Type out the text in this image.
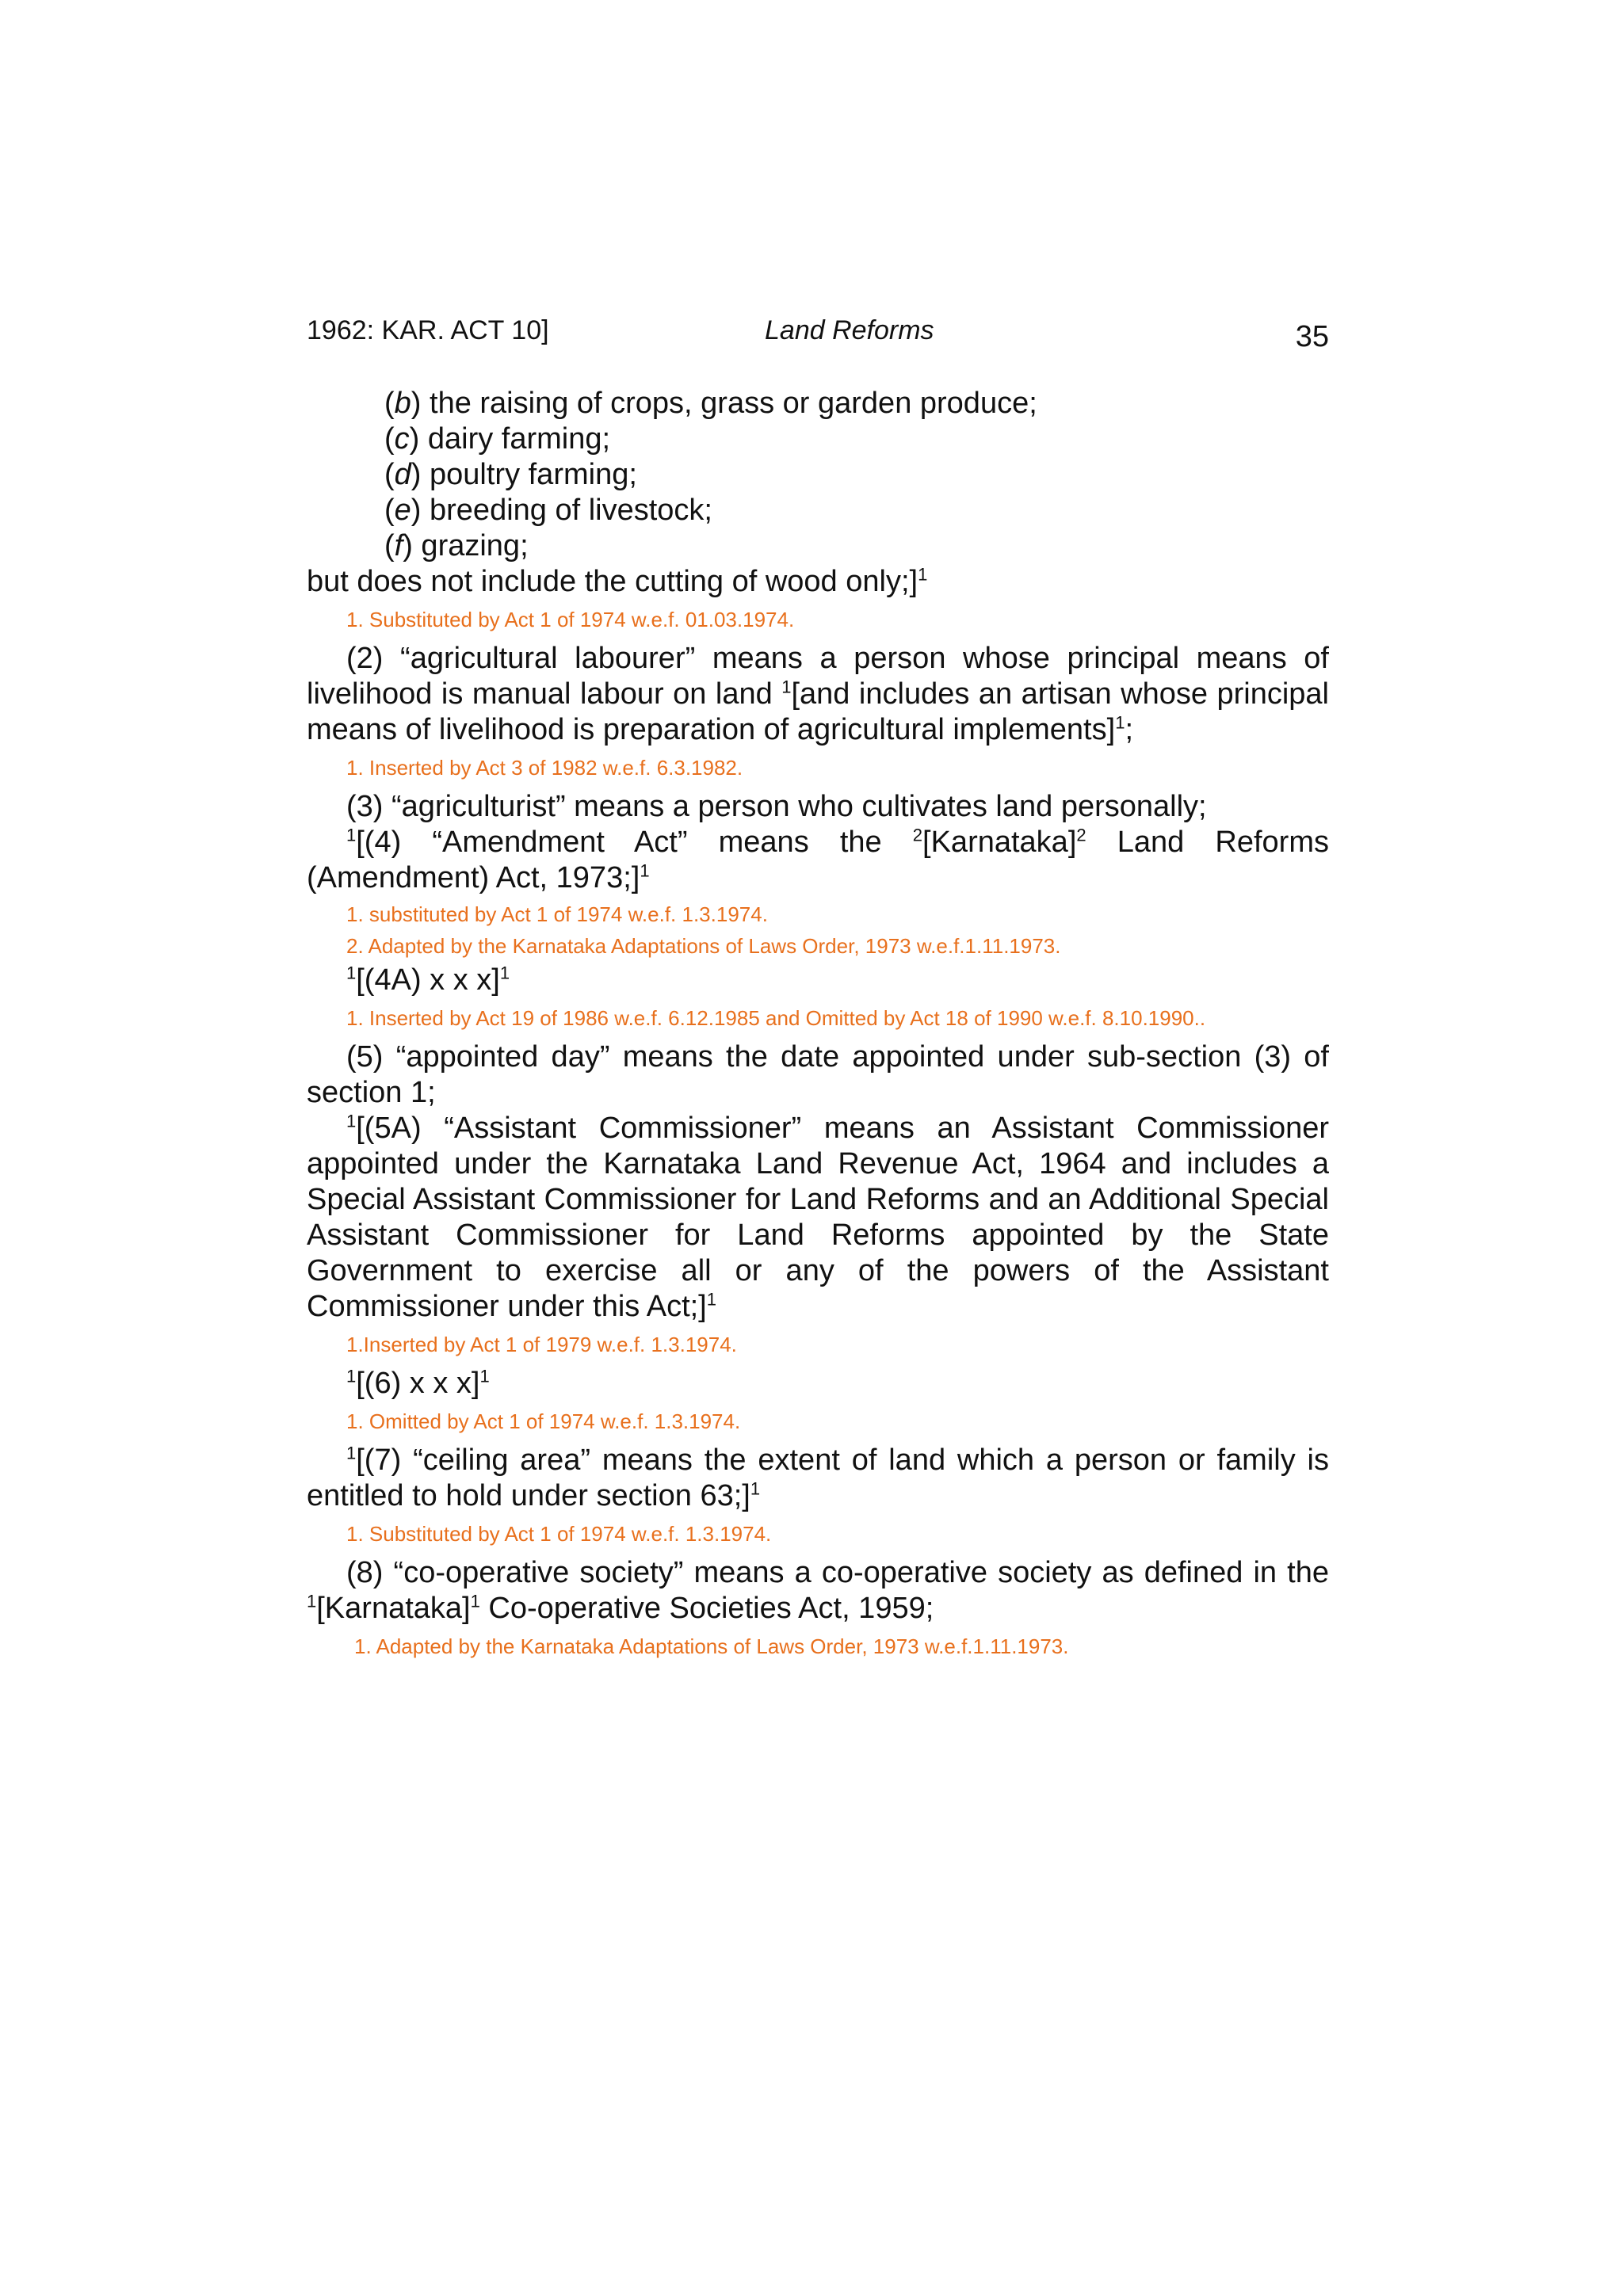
1962: KAR. ACT 10]	Land Reforms	35

(b) the raising of crops, grass or garden produce;

(c) dairy farming;

(d) poultry farming;

(e) breeding of livestock;

(f) grazing;

but does not include the cutting of wood only;]$^1$

1. Substituted by Act 1 of 1974 w.e.f. 01.03.1974.

(2) “agricultural labourer” means a person whose principal means of livelihood is manual labour on land $^1$[and includes an artisan whose principal means of livelihood is preparation of agricultural implements]$^1$;

1. Inserted by Act 3 of 1982 w.e.f. 6.3.1982.

(3) “agriculturist” means a person who cultivates land personally;

$^1$[(4) “Amendment Act” means the $^2$[Karnataka]$^2$ Land Reforms (Amendment) Act, 1973;]$^1$

1. substituted by Act 1 of 1974 w.e.f. 1.3.1974.

2. Adapted by the Karnataka Adaptations of Laws Order, 1973 w.e.f.1.11.1973.

$^1$[(4A) x x x]$^1$

1. Inserted by Act 19 of 1986 w.e.f. 6.12.1985 and Omitted by Act 18 of 1990 w.e.f. 8.10.1990..

(5) “appointed day” means the date appointed under sub-section (3) of section 1;

$^1$[(5A) “Assistant Commissioner” means an Assistant Commissioner appointed under the Karnataka Land Revenue Act, 1964 and includes a Special Assistant Commissioner for Land Reforms and an Additional Special Assistant Commissioner for Land Reforms appointed by the State Government to exercise all or any of the powers of the Assistant Commissioner under this Act;]$^1$

1.Inserted by Act 1 of 1979 w.e.f. 1.3.1974.

$^1$[(6) x x x]$^1$

1. Omitted by Act 1 of 1974 w.e.f. 1.3.1974.

$^1$[(7) “ceiling area” means the extent of land which a person or family is entitled to hold under section 63;]$^1$

1. Substituted by Act 1 of 1974 w.e.f. 1.3.1974.

(8) “co-operative society” means a co-operative society as defined in the $^1$[Karnataka]$^1$ Co-operative Societies Act, 1959;

1. Adapted by the Karnataka Adaptations of Laws Order, 1973 w.e.f.1.11.1973.
